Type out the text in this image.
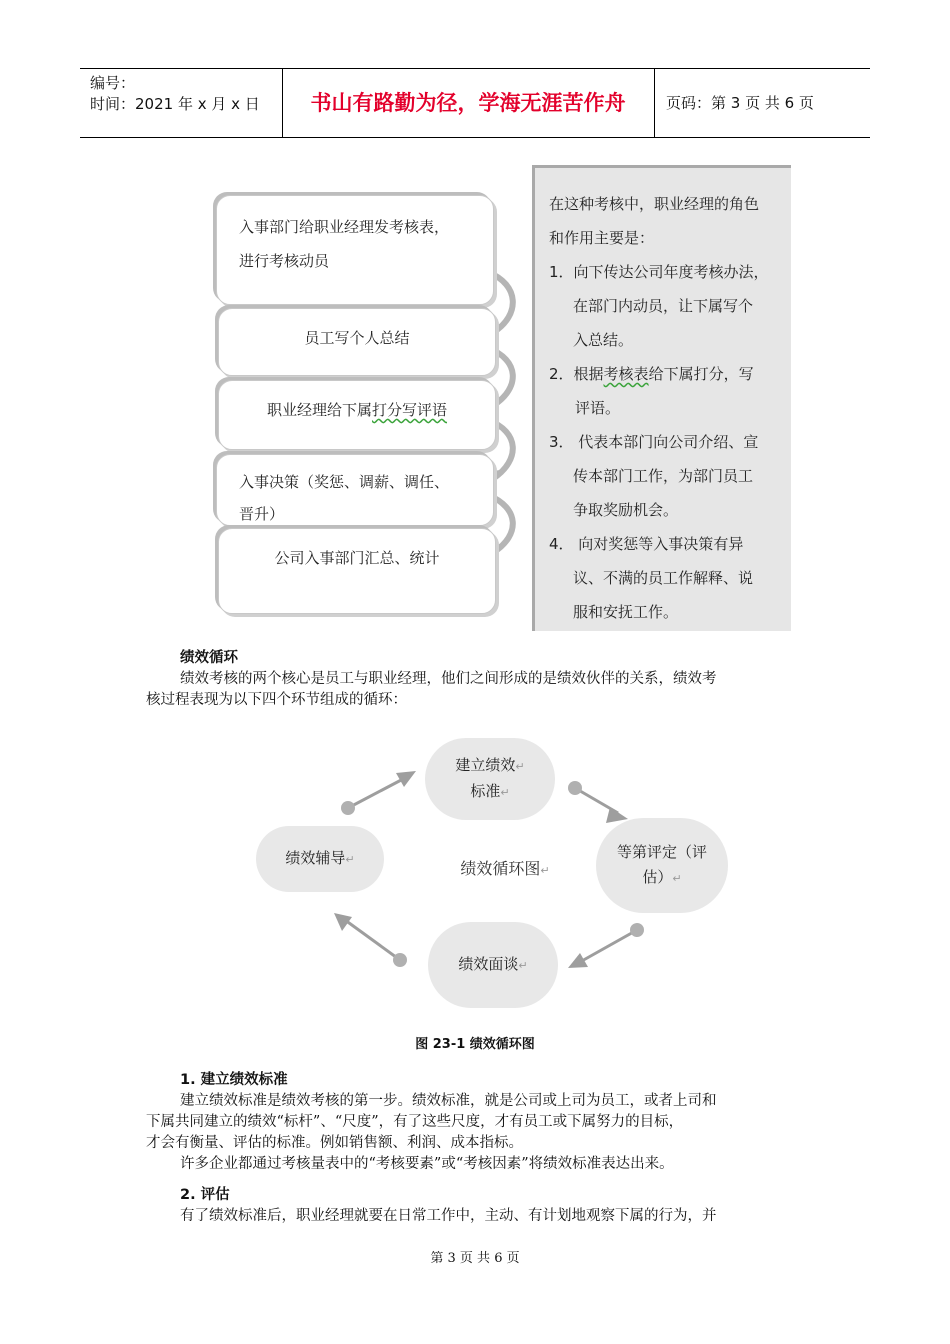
编号：
时间：2021 年 x 月 x 日	书山有路勤为径，学海无涯苦作舟	页码：第 3 页 共 6 页
入事部门给职业经理发考核表，
进行考核动员
员工写个人总结
职业经理给下属打分写评语
入事决策（奖惩、调薪、调任、
晋升）
公司入事部门汇总、统计
在这种考核中，职业经理的角色
和作用主要是：
1．向下传达公司年度考核办法，
在部门内动员，让下属写个
入总结。
2．根据考核表给下属打分，写
评语。
3． 代表本部门向公司介绍、宣
传本部门工作，为部门员工
争取奖励机会。
4． 向对奖惩等入事决策有异
议、不满的员工作解释、说
服和安抚工作。
绩效循环
绩效考核的两个核心是员工与职业经理，他们之间形成的是绩效伙伴的关系，绩效考
核过程表现为以下四个环节组成的循环：
建立绩效↵
标准↵
等第评定（评
估）↵
绩效面谈↵
绩效辅导↵	绩效循环图↵
图 23-1 绩效循环图
1. 建立绩效标准
建立绩效标准是绩效考核的第一步。绩效标准，就是公司或上司为员工，或者上司和
下属共同建立的绩效“标杆”、“尺度”，有了这些尺度，才有员工或下属努力的目标，
才会有衡量、评估的标准。例如销售额、利润、成本指标。
许多企业都通过考核量表中的“考核要素”或“考核因素”将绩效标准表达出来。
2. 评估
有了绩效标准后，职业经理就要在日常工作中，主动、有计划地观察下属的行为，并
第 3 页 共 6 页
